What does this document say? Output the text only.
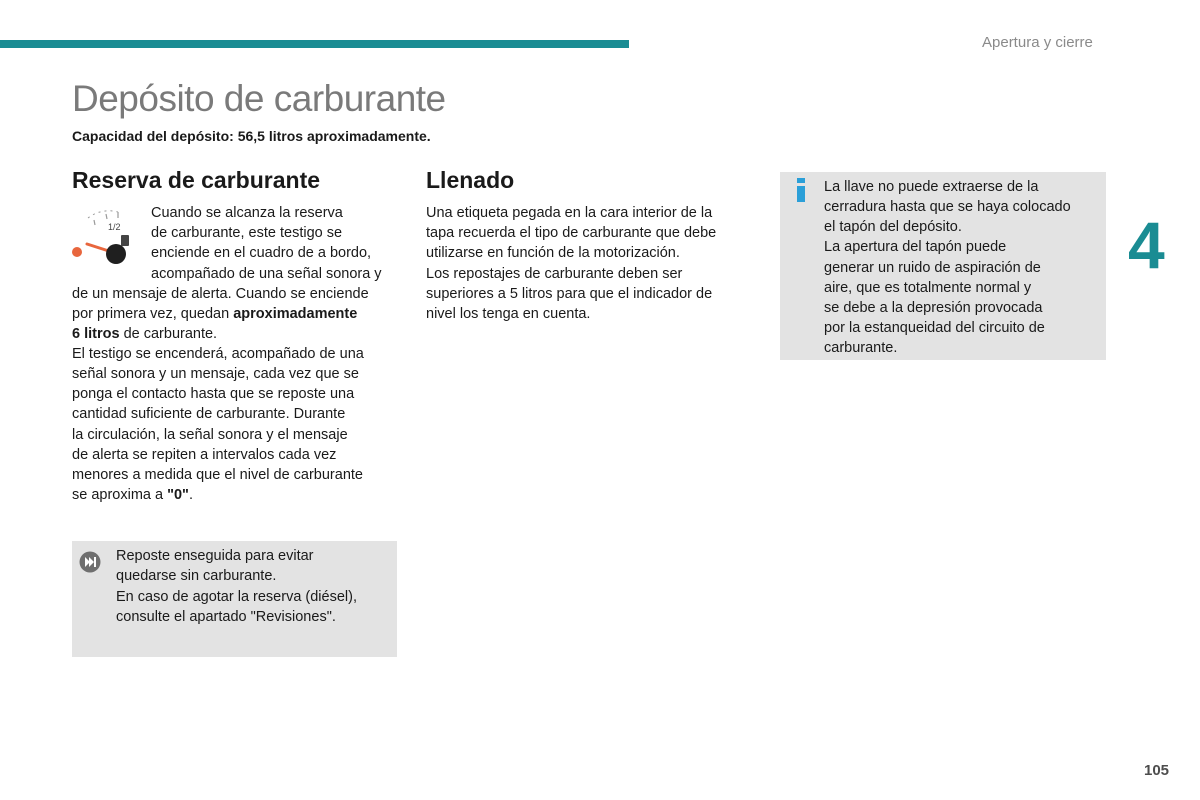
Apertura y cierre
4
Depósito de carburante

Capacidad del depósito: 56,5 litros aproximadamente.

Reserva de carburante
1/2

Cuando se alcanza la reserva

de carburante, este testigo se

enciende en el cuadro de a bordo,

acompañado de una señal sonora y

de un mensaje de alerta. Cuando se enciende

por primera vez, quedan aproximadamente

6 litros de carburante.

El testigo se encenderá, acompañado de una

señal sonora y un mensaje, cada vez que se

ponga el contacto hasta que se reposte una

cantidad suficiente de carburante. Durante

la circulación, la señal sonora y el mensaje

de alerta se repiten a intervalos cada vez

menores a medida que el nivel de carburante

se aproxima a "0".

Reposte enseguida para evitar

quedarse sin carburante.

En caso de agotar la reserva (diésel),

consulte el apartado "Revisiones".

Llenado

Una etiqueta pegada en la cara interior de la

tapa recuerda el tipo de carburante que debe

utilizarse en función de la motorización.

Los repostajes de carburante deben ser

superiores a 5 litros para que el indicador de

nivel los tenga en cuenta.

La llave no puede extraerse de la

cerradura hasta que se haya colocado

el tapón del depósito.

La apertura del tapón puede

generar un ruido de aspiración de

aire, que es totalmente normal y

se debe a la depresión provocada

por la estanqueidad del circuito de

carburante.

105
